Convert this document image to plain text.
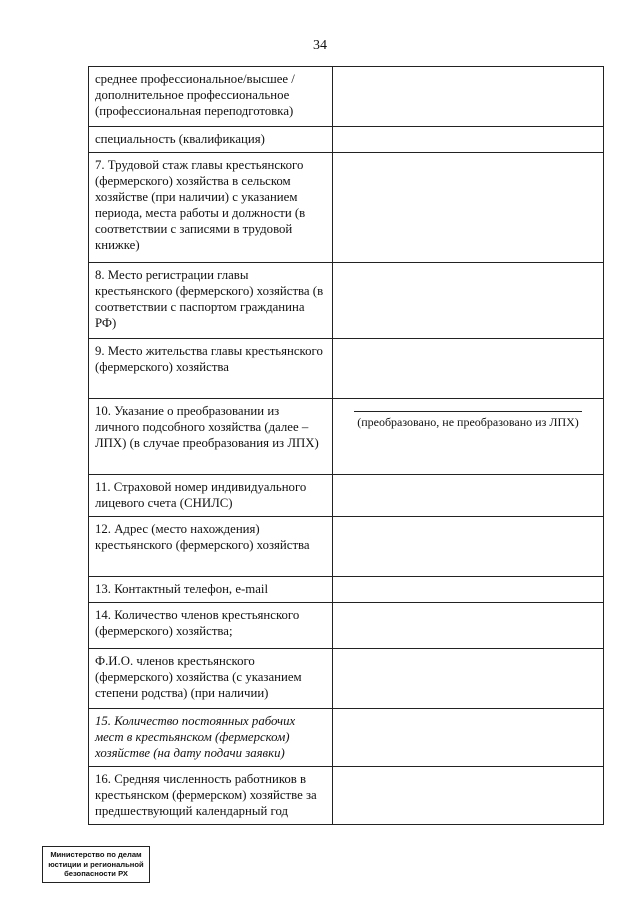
34
среднее профессиональное/высшее / дополнительное профессиональное (профессиональная переподготовка)	
специальность (квалификация)	
7. Трудовой стаж главы крестьянского (фермерского) хозяйства в сельском хозяйстве (при наличии) с указанием периода, места работы и должности (в соответствии с записями в трудовой книжке)	
8. Место регистрации главы крестьянского (фермерского) хозяйства (в соответствии с паспортом гражданина РФ)	
9. Место жительства главы крестьянского (фермерского) хозяйства	
10. Указание о преобразовании из личного подсобного хозяйства (далее – ЛПХ) (в случае преобразования из ЛПХ)	(преобразовано, не преобразовано из ЛПХ)

11. Страховой номер индивидуального лицевого счета (СНИЛС)	
12. Адрес (место нахождения) крестьянского (фермерского) хозяйства	
13. Контактный телефон, e-mail	
14. Количество членов крестьянского (фермерского) хозяйства;	
Ф.И.О. членов крестьянского (фермерского) хозяйства (с указанием степени родства) (при наличии)	
15. Количество постоянных рабочих мест в крестьянском (фермерском) хозяйстве (на дату подачи заявки)	
16. Средняя численность работников в крестьянском (фермерском) хозяйстве за предшествующий календарный год	
Министерство по делам
юстиции и региональной
безопасности РХ
